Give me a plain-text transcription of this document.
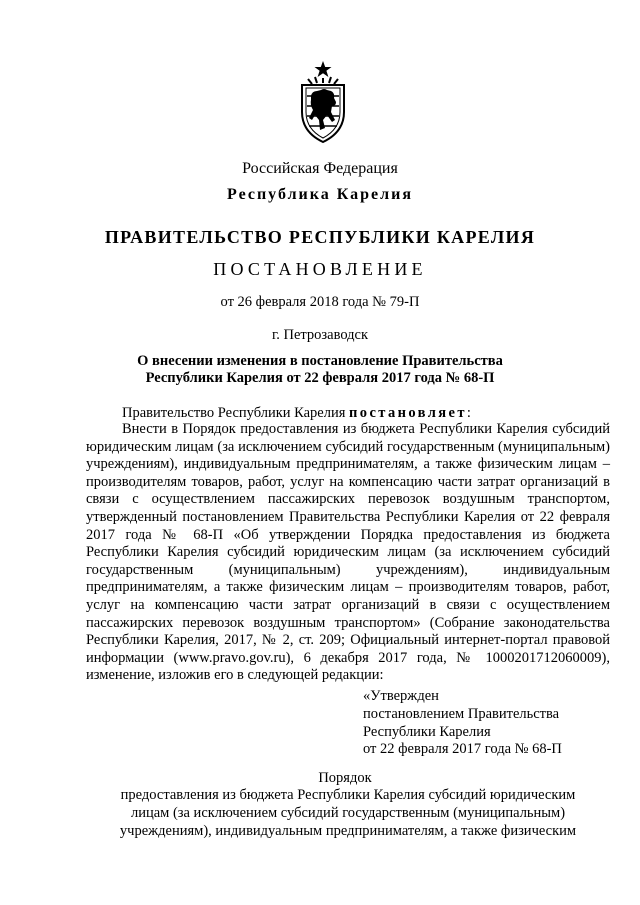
Российская Федерация
Республика Карелия
ПРАВИТЕЛЬСТВО РЕСПУБЛИКИ КАРЕЛИЯ
ПОСТАНОВЛЕНИЕ
от 26 февраля 2018 года № 79-П
г. Петрозаводск
О внесении изменения в постановление Правительства
Республики Карелия от 22 февраля 2017 года № 68-П
Правительство Республики Карелия постановляет:
Внести в Порядок предоставления из бюджета Республики Карелия субсидий юридическим лицам (за исключением субсидий государственным (муниципальным) учреждениям), индивидуальным предпринимателям, а также физическим лицам – производителям товаров, работ, услуг на компенсацию части затрат организаций в связи с осуществлением пассажирских перевозок воздушным транспортом, утвержденный постановлением Правительства Республики Карелия от 22 февраля 2017 года № 68-П «Об утверждении Порядка предоставления из бюджета Республики Карелия субсидий юридическим лицам (за исключением субсидий государственным (муниципальным) учреждениям), индивидуальным предпринимателям, а также физическим лицам – производителям товаров, работ, услуг на компенсацию части затрат организаций в связи с осуществлением пассажирских перевозок воздушным транспортом» (Собрание законодательства Республики Карелия, 2017, № 2, ст. 209; Официальный интернет-портал правовой информации (www.pravo.gov.ru), 6 декабря 2017 года, № 1000201712060009), изменение, изложив его в следующей редакции:
«Утвержден
постановлением Правительства
Республики Карелия
от 22 февраля 2017 года № 68-П
Порядок
предоставления из бюджета Республики Карелия субсидий юридическим
лицам (за исключением субсидий государственным (муниципальным)
учреждениям), индивидуальным предпринимателям, а также физическим
